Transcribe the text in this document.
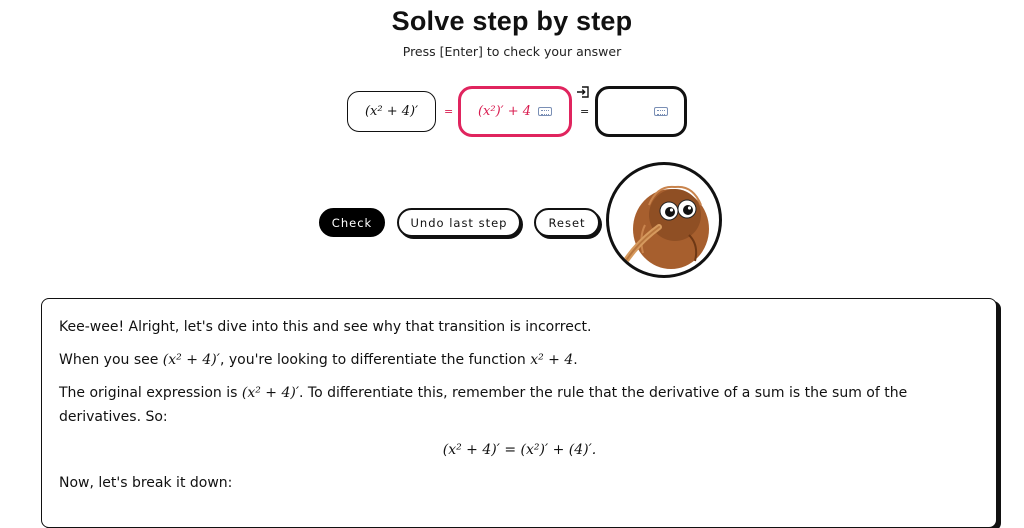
Solve step by step
Press [Enter] to check your answer
(x² + 4)′ = (x²)′ + 4	=
Check	Undo last step	Reset

Kee-wee! Alright, let's dive into this and see why that transition is incorrect.

When you see (x² + 4)′, you're looking to differentiate the function x² + 4.

The original expression is (x² + 4)′. To differentiate this, remember the rule that the derivative of a sum is the sum of the derivatives. So:

(x² + 4)′ = (x²)′ + (4)′.

Now, let's break it down:
